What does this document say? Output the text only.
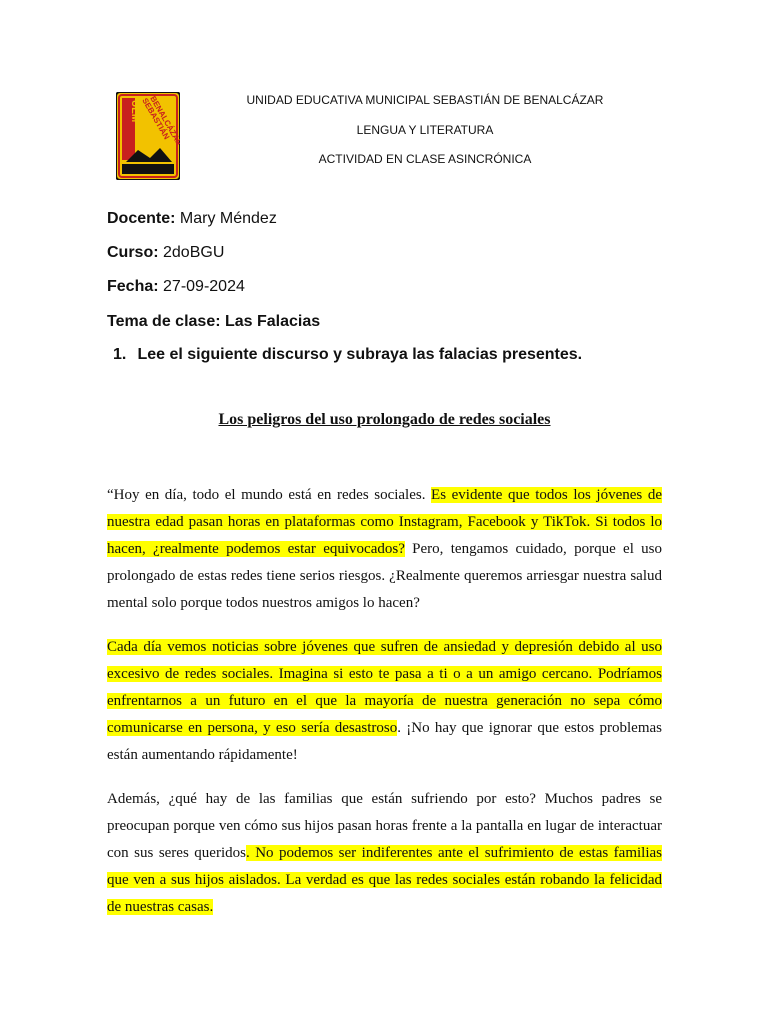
UEM SEBASTIÁN
BENALCÁZAR	UNIDAD EDUCATIVA MUNICIPAL SEBASTIÁN DE BENALCÁZAR
LENGUA Y LITERATURA
ACTIVIDAD EN CLASE ASINCRÓNICA
Docente: Mary Méndez
Curso: 2doBGU
Fecha: 27-09-2024
Tema de clase: Las Falacias
1. Lee el siguiente discurso y subraya las falacias presentes.
Los peligros del uso prolongado de redes sociales

“Hoy en día, todo el mundo está en redes sociales. Es evidente que todos los jóvenes de nuestra edad pasan horas en plataformas como Instagram, Facebook y TikTok. Si todos lo hacen, ¿realmente podemos estar equivocados? Pero, tengamos cuidado, porque el uso prolongado de estas redes tiene serios riesgos. ¿Realmente queremos arriesgar nuestra salud mental solo porque todos nuestros amigos lo hacen?

Cada día vemos noticias sobre jóvenes que sufren de ansiedad y depresión debido al uso excesivo de redes sociales. Imagina si esto te pasa a ti o a un amigo cercano. Podríamos enfrentarnos a un futuro en el que la mayoría de nuestra generación no sepa cómo comunicarse en persona, y eso sería desastroso. ¡No hay que ignorar que estos problemas están aumentando rápidamente!

Además, ¿qué hay de las familias que están sufriendo por esto? Muchos padres se preocupan porque ven cómo sus hijos pasan horas frente a la pantalla en lugar de interactuar con sus seres queridos. No podemos ser indiferentes ante el sufrimiento de estas familias que ven a sus hijos aislados. La verdad es que las redes sociales están robando la felicidad de nuestras casas.
